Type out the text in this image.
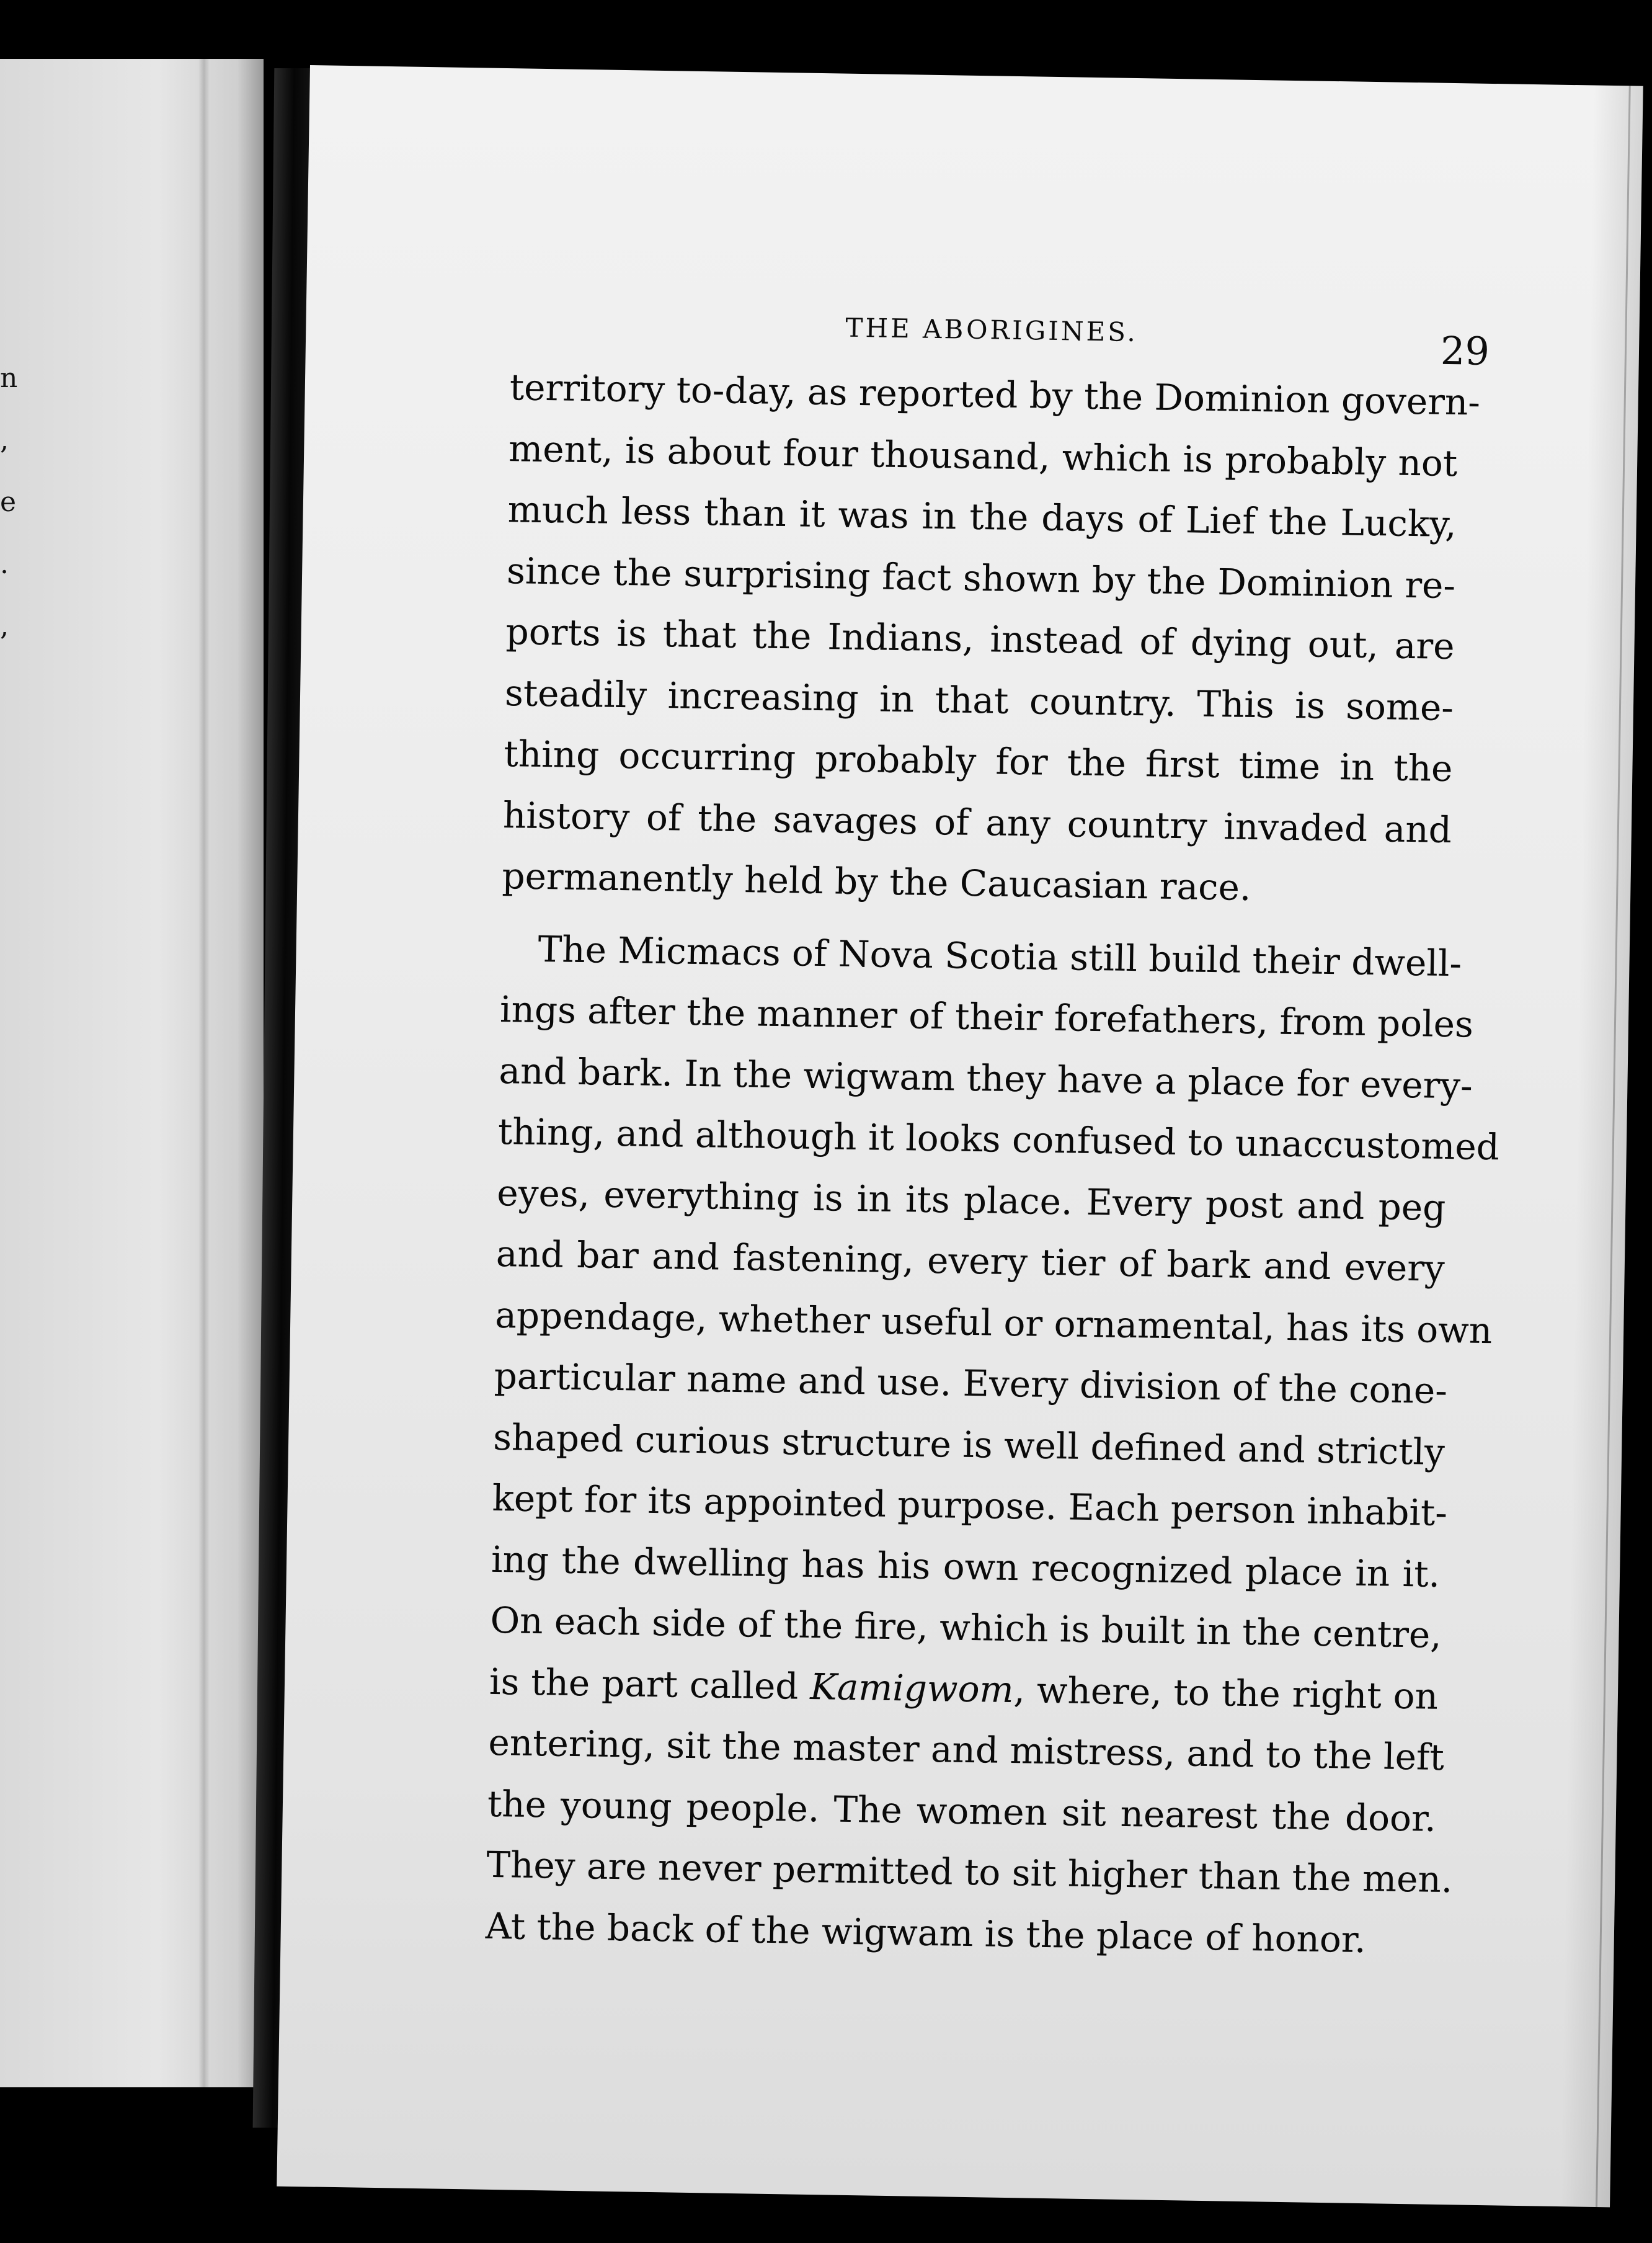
n
,
e
.
,
THE ABORIGINES.	29
territory to-day, as reported by the Dominion govern-
ment, is about four thousand, which is probably not
much less than it was in the days of Lief the Lucky,
since the surprising fact shown by the Dominion re-
ports is that the Indians, instead of dying out, are
steadily increasing in that country. This is some-
thing occurring probably for the first time in the
history of the savages of any country invaded and
permanently held by the Caucasian race.
The Micmacs of Nova Scotia still build their dwell-
ings after the manner of their forefathers, from poles
and bark. In the wigwam they have a place for every-
thing, and although it looks confused to unaccustomed
eyes, everything is in its place. Every post and peg
and bar and fastening, every tier of bark and every
appendage, whether useful or ornamental, has its own
particular name and use. Every division of the cone-
shaped curious structure is well defined and strictly
kept for its appointed purpose. Each person inhabit-
ing the dwelling has his own recognized place in it.
On each side of the fire, which is built in the centre,
is the part called Kamigwom, where, to the right on
entering, sit the master and mistress, and to the left
the young people. The women sit nearest the door.
They are never permitted to sit higher than the men.
At the back of the wigwam is the place of honor.
